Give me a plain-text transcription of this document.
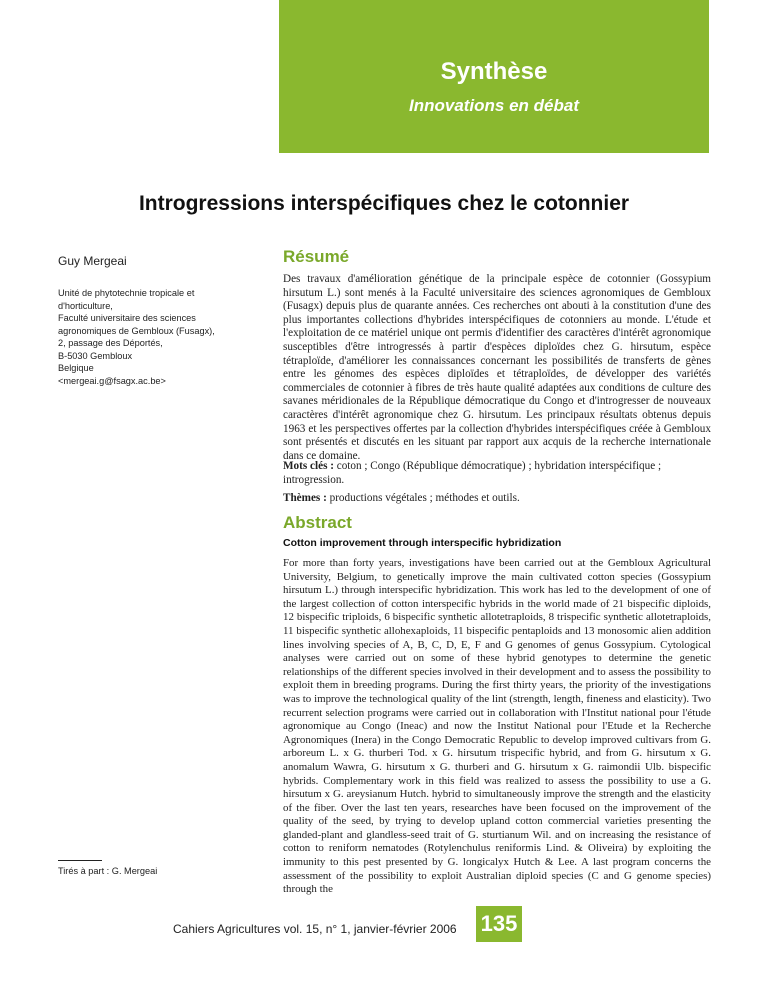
Synthèse
Innovations en débat
Introgressions interspécifiques chez le cotonnier
Guy Mergeai
Unité de phytotechnie tropicale et
d'horticulture,
Faculté universitaire des sciences
agronomiques de Gembloux (Fusagx),
2, passage des Déportés,
B-5030 Gembloux
Belgique
<mergeai.g@fsagx.ac.be>
Tirés à part : G. Mergeai
Résumé
Des travaux d'amélioration génétique de la principale espèce de cotonnier (Gossypium hirsutum L.) sont menés à la Faculté universitaire des sciences agronomiques de Gembloux (Fusagx) depuis plus de quarante années. Ces recherches ont abouti à la constitution d'une des plus importantes collections d'hybrides interspécifiques de cotonniers au monde. L'étude et l'exploitation de ce matériel unique ont permis d'identifier des caractères d'intérêt agronomique susceptibles d'être introgressés à partir d'espèces diploïdes chez G. hirsutum, espèce tétraploïde, d'améliorer les connaissances concernant les possibilités de transferts de gènes entre les génomes des espèces diploïdes et tétraploïdes, de développer des variétés commerciales de cotonnier à fibres de très haute qualité adaptées aux conditions de culture des savanes méridionales de la République démocratique du Congo et d'introgresser de nouveaux caractères d'intérêt agronomique chez G. hirsutum. Les principaux résultats obtenus depuis 1963 et les perspectives offertes par la collection d'hybrides interspécifiques créée à Gembloux sont présentés et discutés en les situant par rapport aux acquis de la recherche internationale dans ce domaine.
Mots clés : coton ; Congo (République démocratique) ; hybridation interspécifique ; introgression.
Thèmes : productions végétales ; méthodes et outils.
Abstract
Cotton improvement through interspecific hybridization
For more than forty years, investigations have been carried out at the Gembloux Agricultural University, Belgium, to genetically improve the main cultivated cotton species (Gossypium hirsutum L.) through interspecific hybridization. This work has led to the development of one of the largest collection of cotton interspecific hybrids in the world made of 21 bispecific diploids, 12 bispecific triploids, 6 bispecific synthetic allotetraploids, 8 trispecific synthetic allotetraploids, 11 bispecific synthetic allohexaploids, 11 bispecific pentaploids and 13 monosomic alien addition lines involving species of A, B, C, D, E, F and G genomes of genus Gossypium. Cytological analyses were carried out on some of these hybrid genotypes to determine the genetic relationships of the different species involved in their development and to assess the possibility to exploit them in breeding programs. During the first thirty years, the priority of the investigations was to improve the technological quality of the lint (strength, length, fineness and elasticity). Two recurrent selection programs were carried out in collaboration with l'Institut national pour l'étude agronomique au Congo (Ineac) and now the Institut National pour l'Etude et la Recherche Agronomiques (Inera) in the Congo Democratic Republic to develop improved cultivars from G. arboreum L. x G. thurberi Tod. x G. hirsutum trispecific hybrid, and from G. hirsutum x G. anomalum Wawra, G. hirsutum x G. thurberi and G. hirsutum x G. raimondii Ulb. bispecific hybrids. Complementary work in this field was realized to assess the possibility to use a G. hirsutum x G. areysianum Hutch. hybrid to simultaneously improve the strength and the elasticity of the fiber. Over the last ten years, researches have been focused on the improvement of the quality of the seed, by trying to develop upland cotton commercial varieties presenting the glanded-plant and glandless-seed trait of G. sturtianum Wil. and on increasing the resistance of cotton to reniform nematodes (Rotylenchulus reniformis Lind. & Oliveira) by exploiting the immunity to this pest presented by G. longicalyx Hutch & Lee. A last program concerns the assessment of the possibility to exploit Australian diploid species (C and G genome species) through the
Cahiers Agricultures vol. 15, n° 1, janvier-février 2006 135
